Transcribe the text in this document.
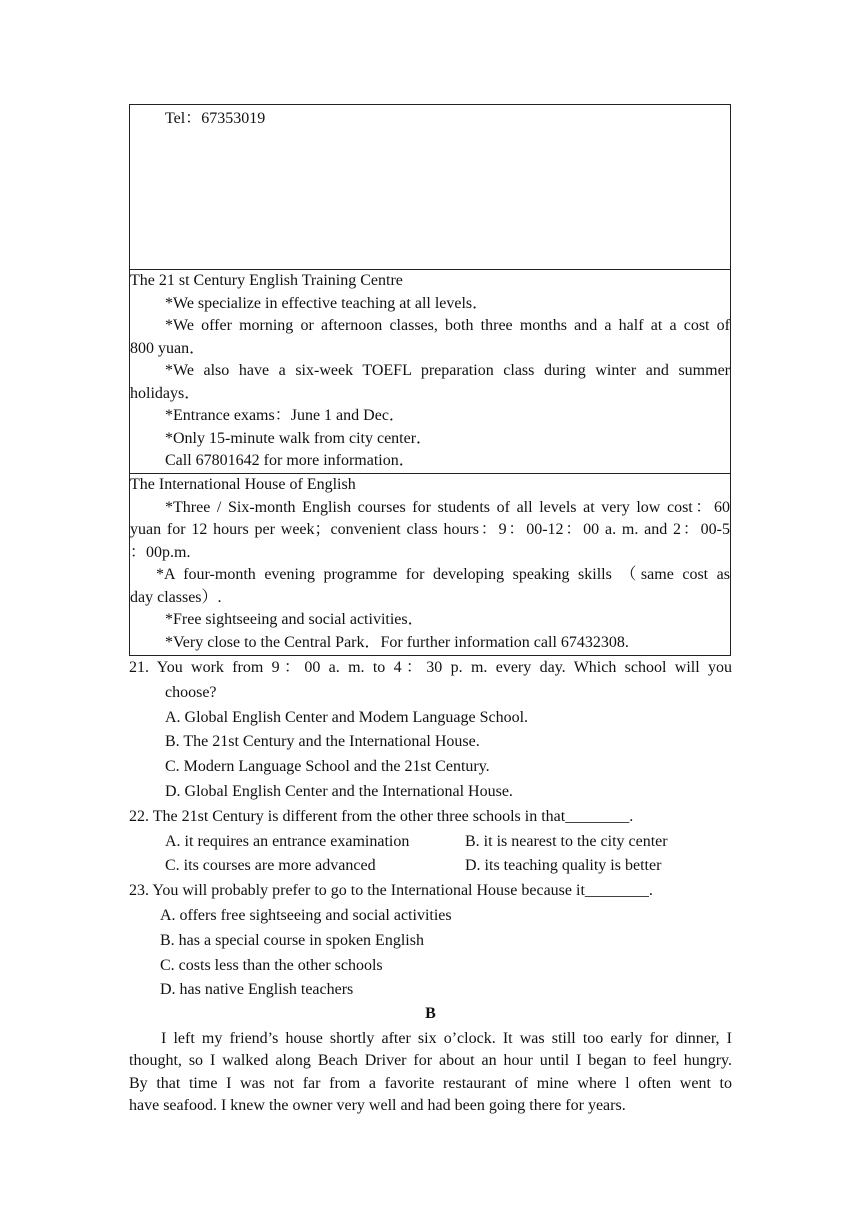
Tel：67353019

The 21 st Century English Training Centre
*We specialize in effective teaching at all levels．
*We offer morning or afternoon classes, both three months and a half at a cost of
800 yuan．
*We also have a six-week TOEFL preparation class during winter and summer
holidays．
*Entrance exams：June 1 and Dec．
*Only 15-minute walk from city center．
Call 67801642 for more information．

The International House of English
*Three / Six-month English courses for students of all levels at very low cost：60
yuan for 12 hours per week；convenient class hours：9：00-12：00 a. m. and 2：00-5
：00p.m.
*A four-month evening programme for developing speaking skills （same cost as
day classes）.
*Free sightseeing and social activities．
*Very close to the Central Park．For further information call 67432308.
21. You work from 9：00 a. m. to 4：30 p. m. every day. Which school will you
choose?
A. Global English Center and Modem Language School.
B. The 21st Century and the International House.
C. Modern Language School and the 21st Century.
D. Global English Center and the International House.
22. The 21st Century is different from the other three schools in that________.
A. it requires an entrance examination	B. it is nearest to the city center
C. its courses are more advanced	D. its teaching quality is better
23. You will probably prefer to go to the International House because it________.
A. offers free sightseeing and social activities
B. has a special course in spoken English
C. costs less than the other schools
D. has native English teachers
B
I left my friend’s house shortly after six o’clock. It was still too early for dinner, I
thought, so I walked along Beach Driver for about an hour until I began to feel hungry.
By that time I was not far from a favorite restaurant of mine where l often went to
have seafood. I knew the owner very well and had been going there for years.
